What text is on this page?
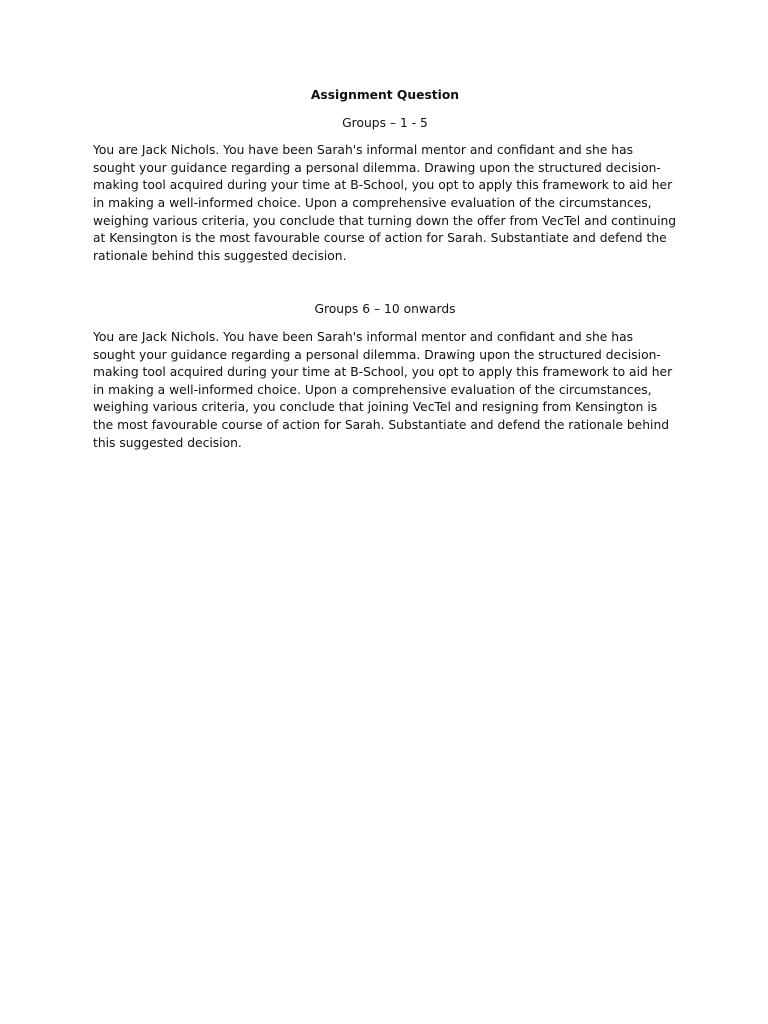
Assignment Question
Groups – 1 - 5

You are Jack Nichols. You have been Sarah's informal mentor and confidant and she has sought your guidance regarding a personal dilemma. Drawing upon the structured decision-making tool acquired during your time at B-School, you opt to apply this framework to aid her in making a well-informed choice. Upon a comprehensive evaluation of the circumstances, weighing various criteria, you conclude that turning down the offer from VecTel and continuing at Kensington is the most favourable course of action for Sarah. Substantiate and defend the rationale behind this suggested decision.

Groups 6 – 10 onwards

You are Jack Nichols. You have been Sarah's informal mentor and confidant and she has sought your guidance regarding a personal dilemma. Drawing upon the structured decision-making tool acquired during your time at B-School, you opt to apply this framework to aid her in making a well-informed choice. Upon a comprehensive evaluation of the circumstances, weighing various criteria, you conclude that joining VecTel and resigning from Kensington is the most favourable course of action for Sarah. Substantiate and defend the rationale behind this suggested decision.
